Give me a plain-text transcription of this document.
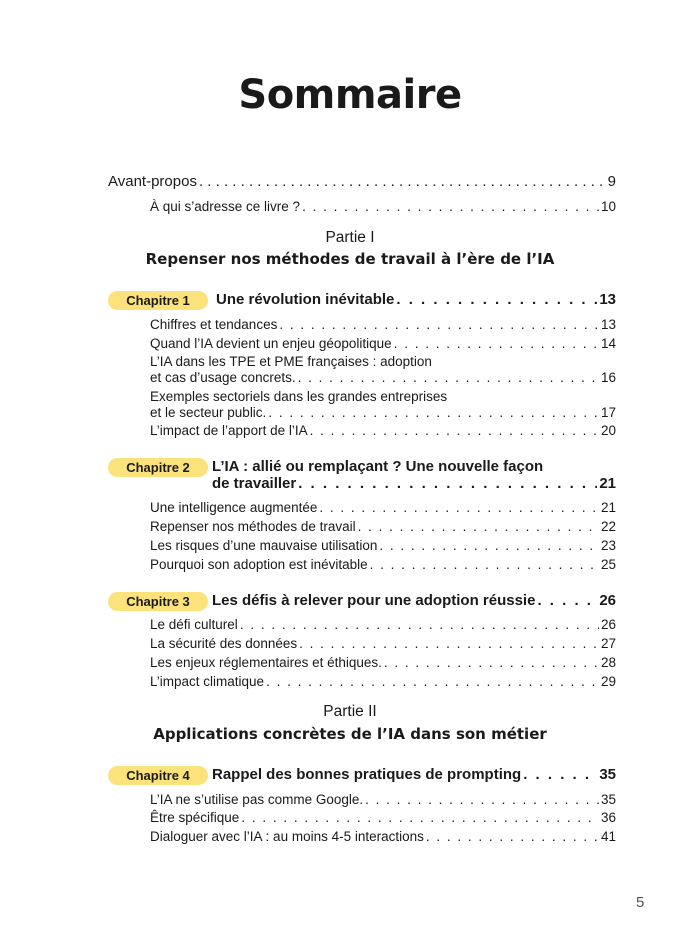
Sommaire
Avant-propos . . .	9
À qui s’adresse ce livre ? . . .	10
Partie I
Repenser nos méthodes de travail à l’ère de l’IA
Chapitre 1	Une révolution inévitable . . .	13
Chiffres et tendances . . .	13
Quand l’IA devient un enjeu géopolitique . . .	14
L’IA dans les TPE et PME françaises : adoption
et cas d’usage concrets. . . .	16
Exemples sectoriels dans les grandes entreprises
et le secteur public. . . .	17
L’impact de l’apport de l’IA . . .	20
Chapitre 2	L’IA : allié ou remplaçant ? Une nouvelle façon
de travailler . . .	21
Une intelligence augmentée . . .	21
Repenser nos méthodes de travail . . .	22
Les risques d’une mauvaise utilisation . . .	23
Pourquoi son adoption est inévitable . . .	25
Chapitre 3	Les défis à relever pour une adoption réussie . . .	26
Le défi culturel . . .	26
La sécurité des données . . .	27
Les enjeux réglementaires et éthiques. . . .	28
L’impact climatique . . .	29
Partie II
Applications concrètes de l’IA dans son métier
Chapitre 4	Rappel des bonnes pratiques de prompting . . .	35
L’IA ne s’utilise pas comme Google. . . .	35
Être spécifique . . .	36
Dialoguer avec l’IA : au moins 4-5 interactions . . .	41
5
